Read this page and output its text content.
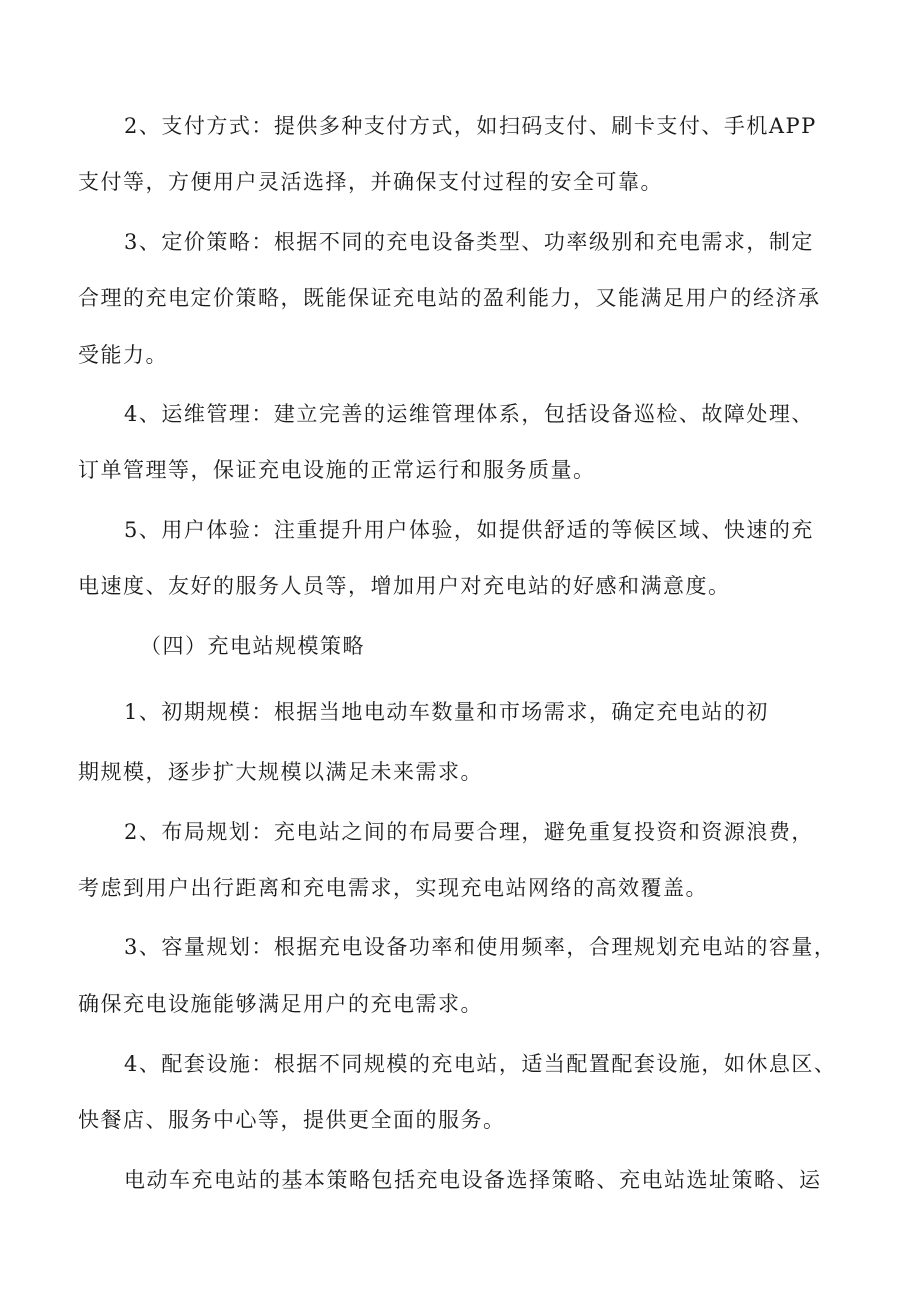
2、支付方式：提供多种支付方式，如扫码支付、刷卡支付、手机APP
支付等，方便用户灵活选择，并确保支付过程的安全可靠。
3、定价策略：根据不同的充电设备类型、功率级别和充电需求，制定
合理的充电定价策略，既能保证充电站的盈利能力，又能满足用户的经济承
受能力。
4、运维管理：建立完善的运维管理体系，包括设备巡检、故障处理、
订单管理等，保证充电设施的正常运行和服务质量。
5、用户体验：注重提升用户体验，如提供舒适的等候区域、快速的充
电速度、友好的服务人员等，增加用户对充电站的好感和满意度。
（四）充电站规模策略
1、初期规模：根据当地电动车数量和市场需求，确定充电站的初
期规模，逐步扩大规模以满足未来需求。
2、布局规划：充电站之间的布局要合理，避免重复投资和资源浪费，
考虑到用户出行距离和充电需求，实现充电站网络的高效覆盖。
3、容量规划：根据充电设备功率和使用频率，合理规划充电站的容量，
确保充电设施能够满足用户的充电需求。
4、配套设施：根据不同规模的充电站，适当配置配套设施，如休息区、
快餐店、服务中心等，提供更全面的服务。
电动车充电站的基本策略包括充电设备选择策略、充电站选址策略、运
